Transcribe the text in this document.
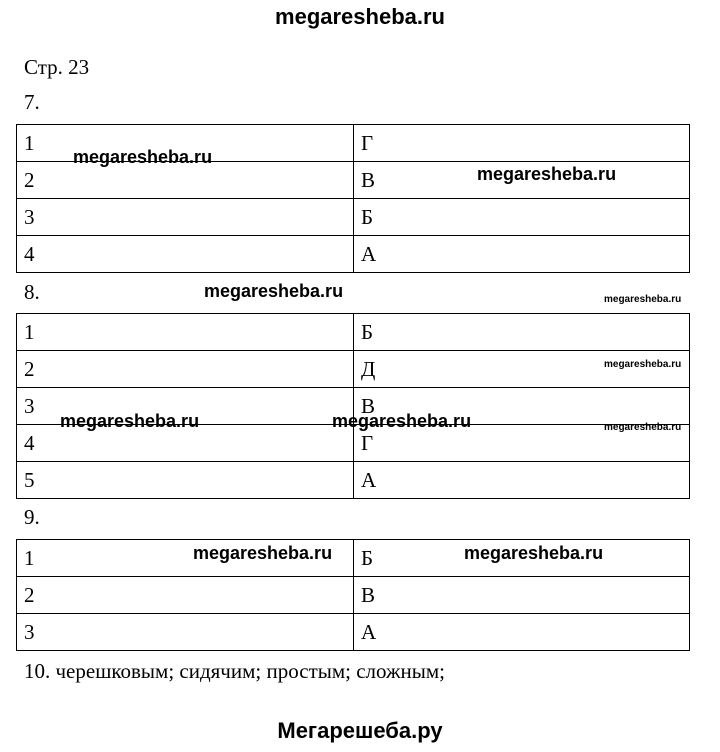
megaresheba.ru
Стр. 23
7.
1	Г
2	В
3	Б
4	А
8.
1	Б
2	Д
3	В
4	Г
5	А
9.
1	Б
2	В
3	А
10. черешковым; сидячим; простым; сложным;
megaresheba.ru
megaresheba.ru
megaresheba.ru
megaresheba.ru	megaresheba.ru
megaresheba.ru	megaresheba.ru
megaresheba.ru
megaresheba.ru
megaresheba.ru
Мегарешеба.ру
